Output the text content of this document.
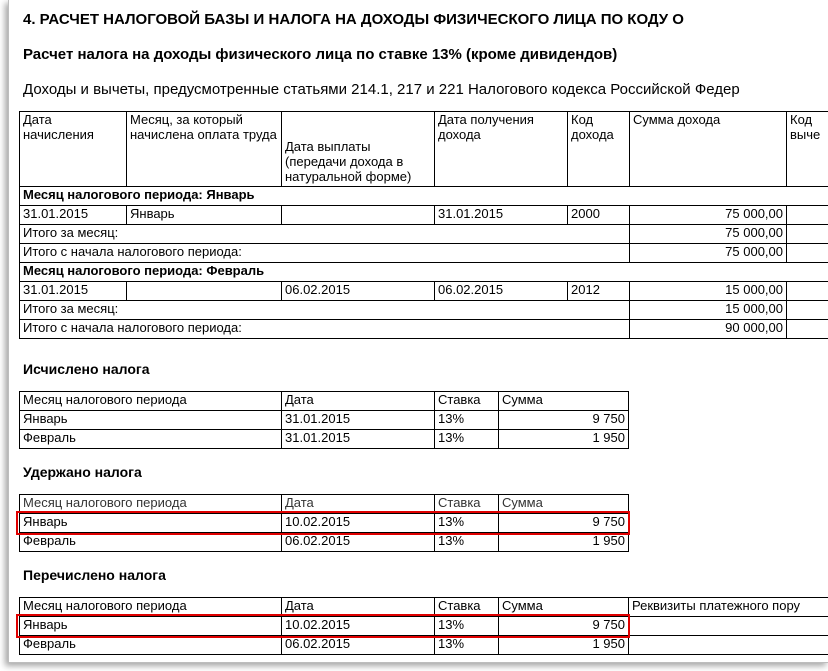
4. РАСЧЕТ НАЛОГОВОЙ БАЗЫ И НАЛОГА НА ДОХОДЫ ФИЗИЧЕСКОГО ЛИЦА ПО КОДУ О
Расчет налога на доходы физического лица по ставке 13% (кроме дивидендов)
Доходы и вычеты, предусмотренные статьями 214.1, 217 и 221 Налогового кодекса Российской Федер
Дата начисления	Месяц, за который начислена оплата труда	Дата выплаты (передачи дохода в натуральной форме)	Дата получения дохода	Код дохода	Сумма дохода	Код выче
Месяц налогового периода: Январь						
31.01.2015	Январь		31.01.2015	2000	75 000,00	
Итого за месяц:					75 000,00	
Итого с начала налогового периода:					75 000,00	
Месяц налогового периода: Февраль						
31.01.2015		06.02.2015	06.02.2015	2012	15 000,00	
Итого за месяц:					15 000,00	
Итого с начала налогового периода:					90 000,00	
Исчислено налога
Месяц налогового периода	Дата	Ставка	Сумма
Январь	31.01.2015	13%	9 750
Февраль	31.01.2015	13%	1 950
Удержано налога
Месяц налогового периода	Дата	Ставка	Сумма
Январь	10.02.2015	13%	9 750
Февраль	06.02.2015	13%	1 950
Перечислено налога
Месяц налогового периода	Дата	Ставка	Сумма	Реквизиты платежного пору
Январь	10.02.2015	13%	9 750	
Февраль	06.02.2015	13%	1 950	
